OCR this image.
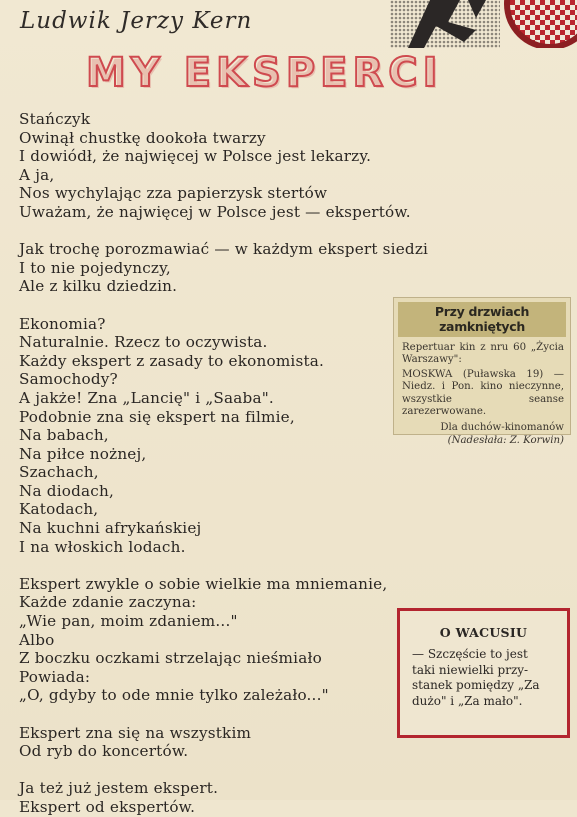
Ludwik Jerzy Kern
MY EKSPERCI
Stańczyk
Owinął chustkę dookoła twarzy
I dowiódł, że najwięcej w Polsce jest lekarzy.
A ja,
Nos wychylając zza papierzysk stertów
Uważam, że najwięcej w Polsce jest — ekspertów.
Jak trochę porozmawiać — w każdym ekspert siedzi
I to nie pojedynczy,
Ale z kilku dziedzin.
Ekonomia?
Naturalnie. Rzecz to oczywista.
Każdy ekspert z zasady to ekonomista.
Samochody?
A jakże! Zna „Lancię" i „Saaba".
Podobnie zna się ekspert na filmie,
Na babach,
Na piłce nożnej,
Szachach,
Na diodach,
Katodach,
Na kuchni afrykańskiej
I na włoskich lodach.
Ekspert zwykle o sobie wielkie ma mniemanie,
Każde zdanie zaczyna:
„Wie pan, moim zdaniem..."
Albo
Z boczku oczkami strzelając nieśmiało
Powiada:
„O, gdyby to ode mnie tylko zależało..."
Ekspert zna się na wszystkim
Od ryb do koncertów.
Ja też już jestem ekspert.
Ekspert od ekspertów.
Przy drzwiach zamkniętych
Repertuar kin z nru 60 „Życia Warszawy":
MOSKWA (Puławska 19) — Niedz. i Pon. kino nieczynne, wszystkie seanse zarezerwowane.
Dla duchów-kinomanów
(Nadesłała: Z. Korwin)
O WACUSIU
— Szczęście to jest
taki niewielki przy-
stanek pomiędzy „Za
dużo" i „Za mało".
